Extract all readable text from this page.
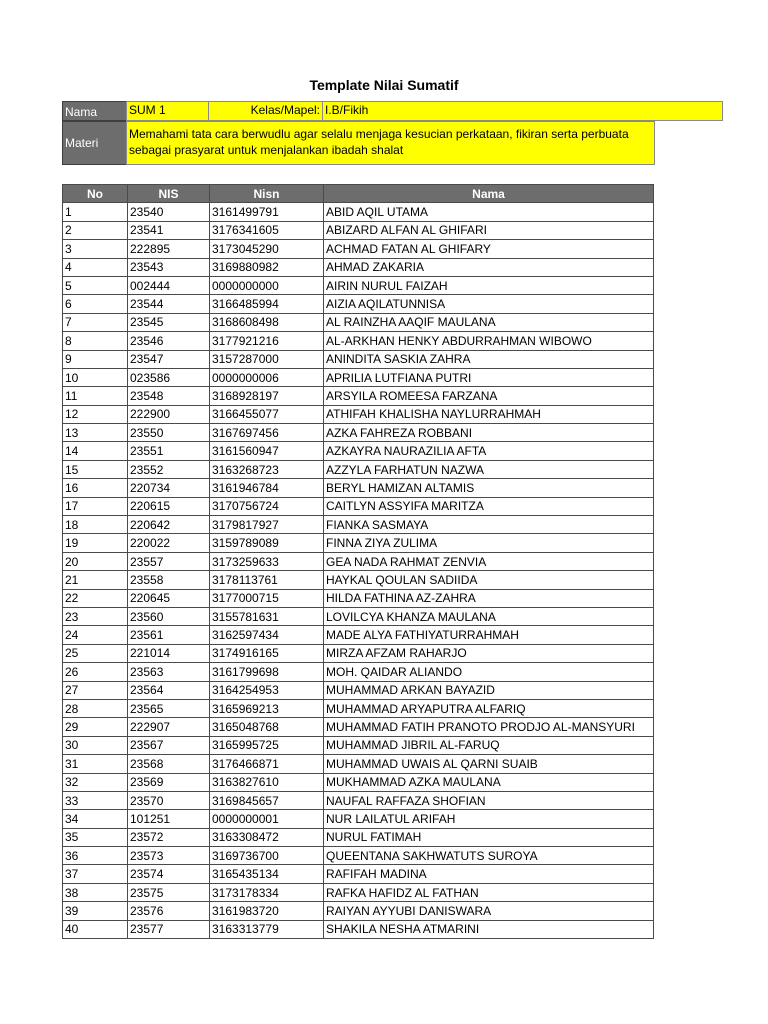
Template Nilai Sumatif
Nama	SUM 1	Kelas/Mapel: I.B/Fikih
Materi
Memahami tata cara berwudlu agar selalu menjaga kesucian perkataan, fikiran serta perbuata
sebagai prasyarat untuk menjalankan ibadah shalat
No	NIS	Nisn	Nama
1	23540	3161499791	ABID AQIL UTAMA
2	23541	3176341605	ABIZARD ALFAN AL GHIFARI
3	222895	3173045290	ACHMAD FATAN AL GHIFARY
4	23543	3169880982	AHMAD ZAKARIA
5	002444	0000000000	AIRIN NURUL FAIZAH
6	23544	3166485994	AIZIA AQILATUNNISA
7	23545	3168608498	AL RAINZHA AAQIF MAULANA
8	23546	3177921216	AL-ARKHAN HENKY ABDURRAHMAN WIBOWO
9	23547	3157287000	ANINDITA SASKIA ZAHRA
10	023586	0000000006	APRILIA LUTFIANA PUTRI
11	23548	3168928197	ARSYILA ROMEESA FARZANA
12	222900	3166455077	ATHIFAH KHALISHA NAYLURRAHMAH
13	23550	3167697456	AZKA FAHREZA ROBBANI
14	23551	3161560947	AZKAYRA NAURAZILIA AFTA
15	23552	3163268723	AZZYLA FARHATUN NAZWA
16	220734	3161946784	BERYL HAMIZAN ALTAMIS
17	220615	3170756724	CAITLYN ASSYIFA MARITZA
18	220642	3179817927	FIANKA SASMAYA
19	220022	3159789089	FINNA ZIYA ZULIMA
20	23557	3173259633	GEA NADA RAHMAT ZENVIA
21	23558	3178113761	HAYKAL QOULAN SADIIDA
22	220645	3177000715	HILDA FATHINA AZ-ZAHRA
23	23560	3155781631	LOVILCYA KHANZA MAULANA
24	23561	3162597434	MADE ALYA FATHIYATURRAHMAH
25	221014	3174916165	MIRZA AFZAM RAHARJO
26	23563	3161799698	MOH. QAIDAR ALIANDO
27	23564	3164254953	MUHAMMAD ARKAN BAYAZID
28	23565	3165969213	MUHAMMAD ARYAPUTRA ALFARIQ
29	222907	3165048768	MUHAMMAD FATIH PRANOTO PRODJO AL-MANSYURI
30	23567	3165995725	MUHAMMAD JIBRIL AL-FARUQ
31	23568	3176466871	MUHAMMAD UWAIS AL QARNI SUAIB
32	23569	3163827610	MUKHAMMAD AZKA MAULANA
33	23570	3169845657	NAUFAL RAFFAZA SHOFIAN
34	101251	0000000001	NUR LAILATUL ARIFAH
35	23572	3163308472	NURUL FATIMAH
36	23573	3169736700	QUEENTANA SAKHWATUTS SUROYA
37	23574	3165435134	RAFIFAH MADINA
38	23575	3173178334	RAFKA HAFIDZ AL FATHAN
39	23576	3161983720	RAIYAN AYYUBI DANISWARA
40	23577	3163313779	SHAKILA NESHA ATMARINI
